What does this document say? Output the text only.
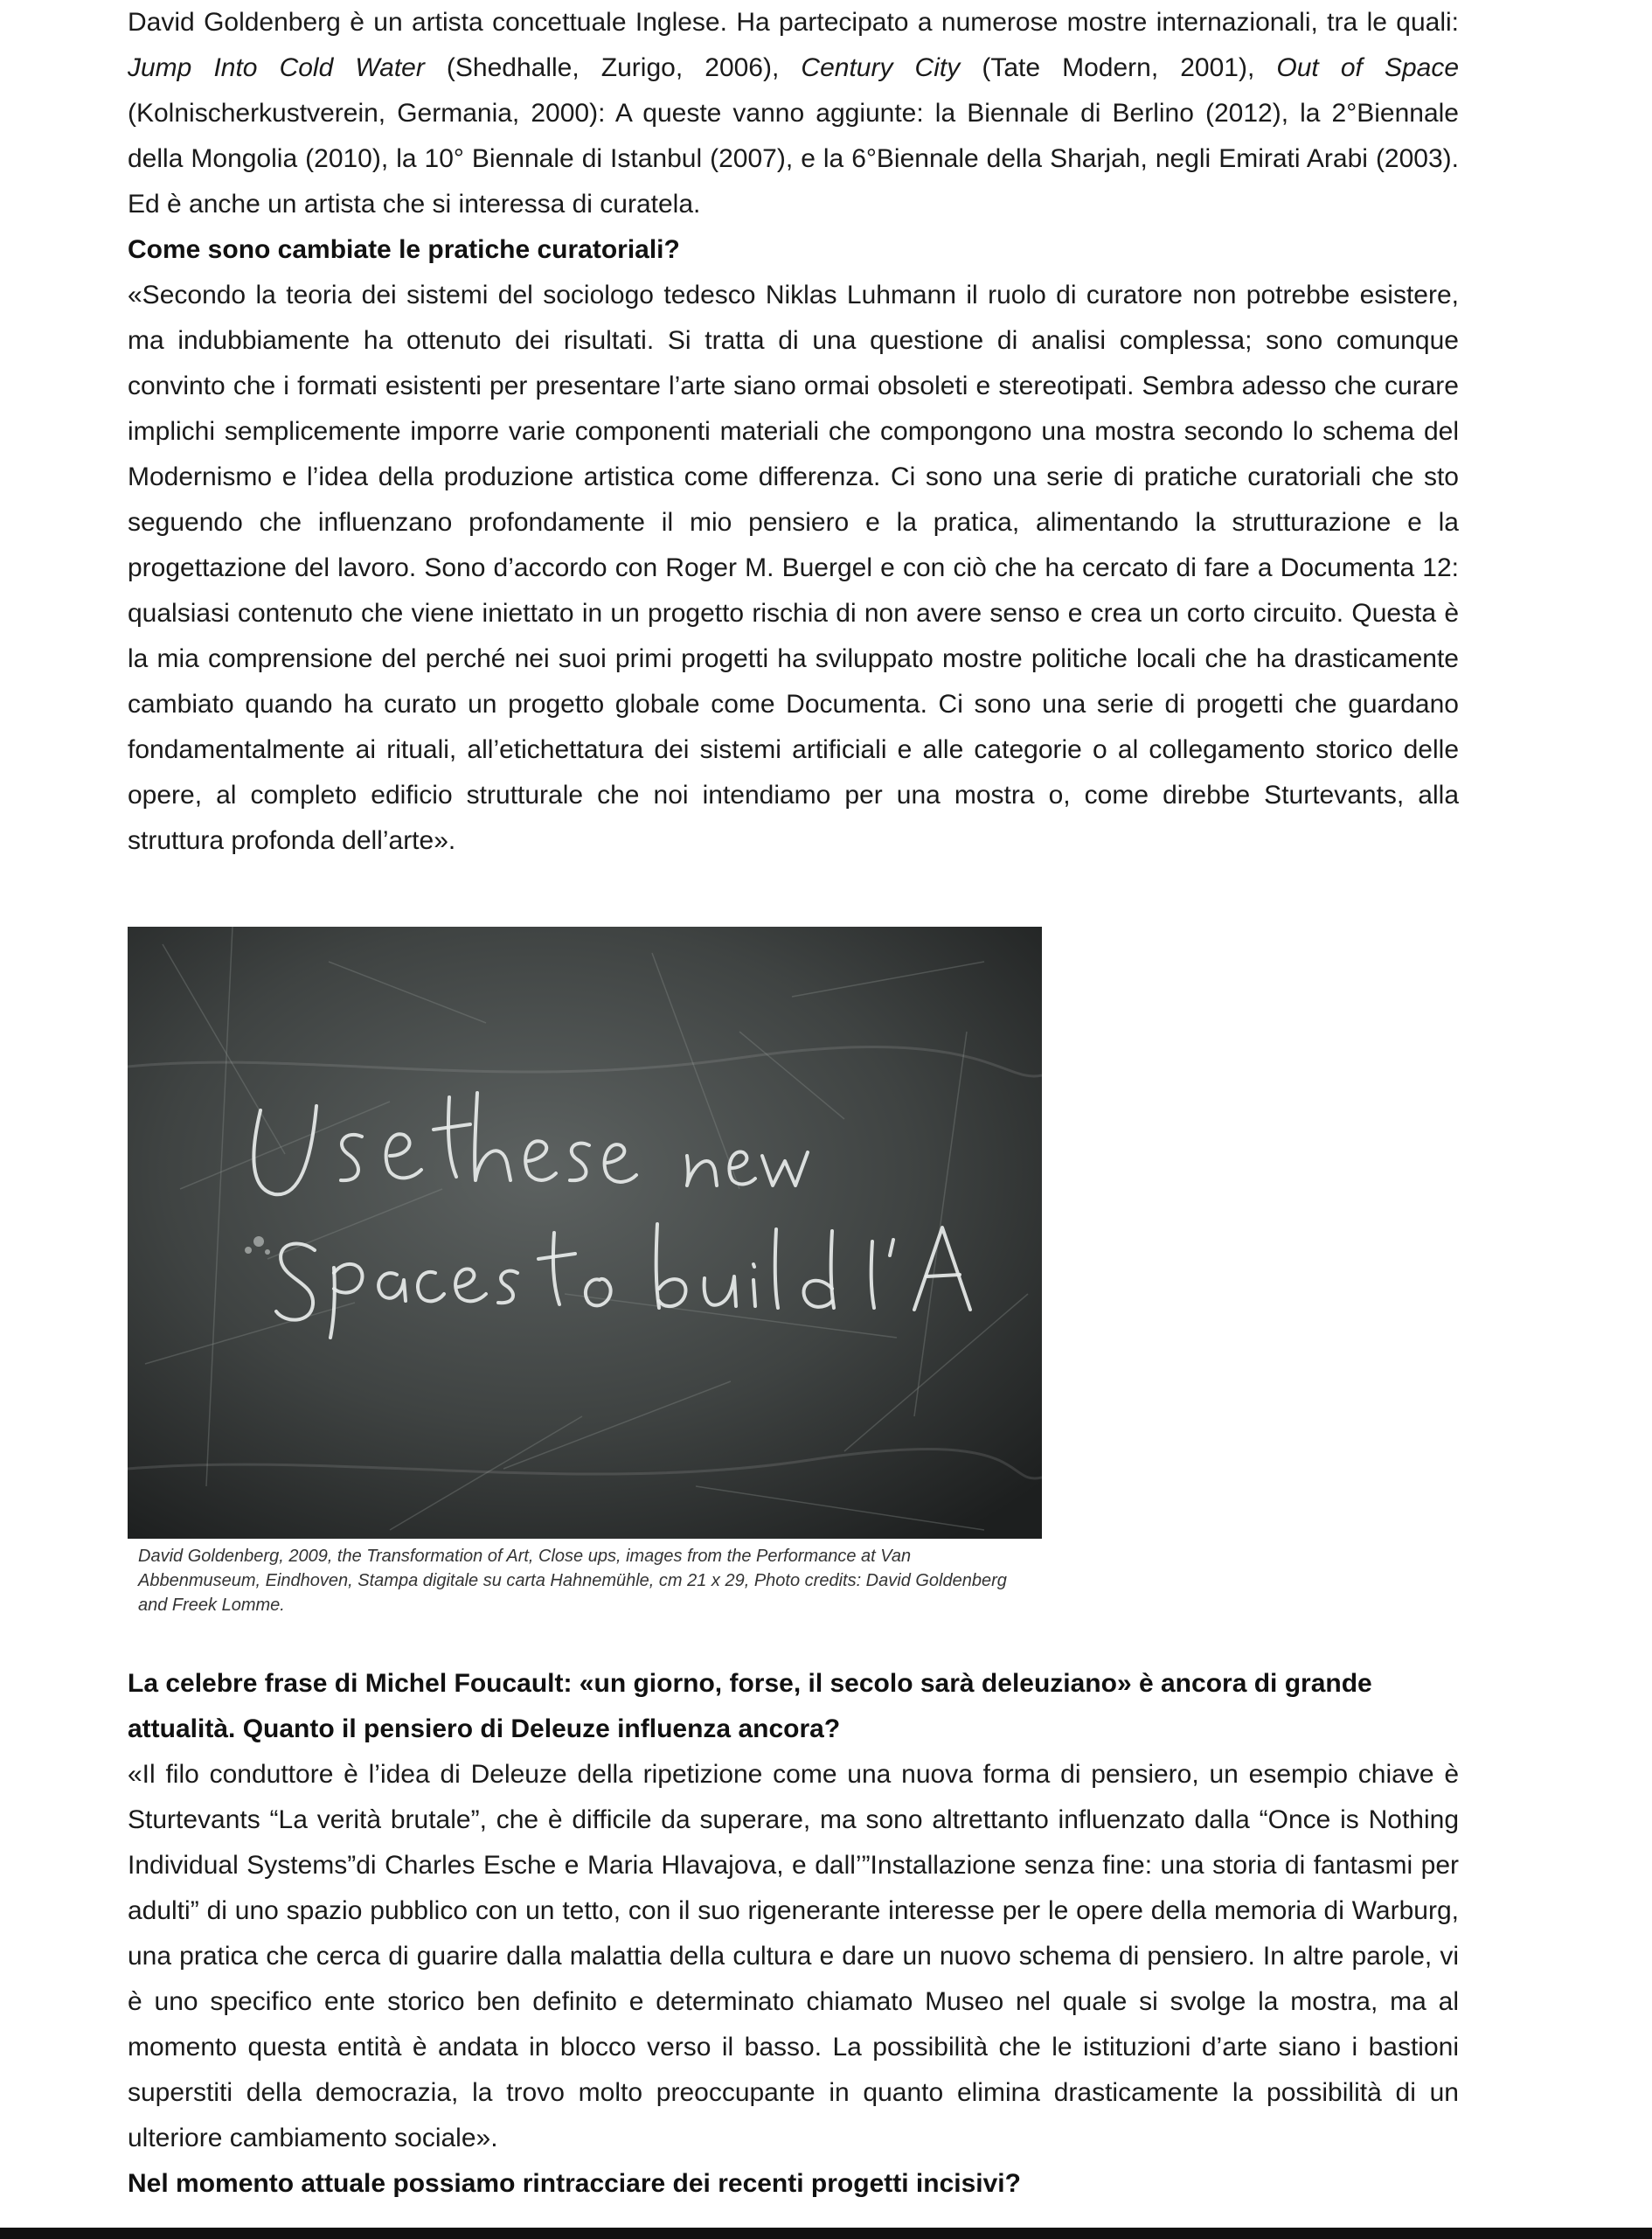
David Goldenberg è un artista concettuale Inglese. Ha partecipato a numerose mostre internazionali, tra le quali: Jump Into Cold Water (Shedhalle, Zurigo, 2006), Century City (Tate Modern, 2001), Out of Space (Kolnischerkustverein, Germania, 2000): A queste vanno aggiunte: la Biennale di Berlino (2012), la 2°Biennale della Mongolia (2010), la 10° Biennale di Istanbul (2007), e la 6°Biennale della Sharjah, negli Emirati Arabi (2003). Ed è anche un artista che si interessa di curatela.

Come sono cambiate le pratiche curatoriali?

«Secondo la teoria dei sistemi del sociologo tedesco Niklas Luhmann il ruolo di curatore non potrebbe esistere, ma indubbiamente ha ottenuto dei risultati. Si tratta di una questione di analisi complessa; sono comunque convinto che i formati esistenti per presentare l’arte siano ormai obsoleti e stereotipati. Sembra adesso che curare implichi semplicemente imporre varie componenti materiali che compongono una mostra secondo lo schema del Modernismo e l’idea della produzione artistica come differenza. Ci sono una serie di pratiche curatoriali che sto seguendo che influenzano profondamente il mio pensiero e la pratica, alimentando la strutturazione e la progettazione del lavoro. Sono d’accordo con Roger M. Buergel e con ciò che ha cercato di fare a Documenta 12: qualsiasi contenuto che viene iniettato in un progetto rischia di non avere senso e crea un corto circuito. Questa è la mia comprensione del perché nei suoi primi progetti ha sviluppato mostre politiche locali che ha drasticamente cambiato quando ha curato un progetto globale come Documenta. Ci sono una serie di progetti che guardano fondamentalmente ai rituali, all’etichettatura dei sistemi artificiali e alle categorie o al collegamento storico delle opere, al completo edificio strutturale che noi intendiamo per una mostra o, come direbbe Sturtevants, alla struttura profonda dell’arte».

David Goldenberg, 2009, the Transformation of Art, Close ups, images from the Performance at Van Abbenmuseum, Eindhoven, Stampa digitale su carta Hahnemühle, cm 21 x 29, Photo credits: David Goldenberg and Freek Lomme.

La celebre frase di Michel Foucault: «un giorno, forse, il secolo sarà deleuziano» è ancora di grande attualità. Quanto il pensiero di Deleuze influenza ancora?

«Il filo conduttore è l’idea di Deleuze della ripetizione come una nuova forma di pensiero, un esempio chiave è Sturtevants “La verità brutale”, che è difficile da superare, ma sono altrettanto influenzato dalla “Once is Nothing Individual Systems”di Charles Esche e Maria Hlavajova, e dall’”Installazione senza fine: una storia di fantasmi per adulti” di uno spazio pubblico con un tetto, con il suo rigenerante interesse per le opere della memoria di Warburg, una pratica che cerca di guarire dalla malattia della cultura e dare un nuovo schema di pensiero. In altre parole, vi è uno specifico ente storico ben definito e determinato chiamato Museo nel quale si svolge la mostra, ma al momento questa entità è andata in blocco verso il basso. La possibilità che le istituzioni d’arte siano i bastioni superstiti della democrazia, la trovo molto preoccupante in quanto elimina drasticamente la possibilità di un ulteriore cambiamento sociale».

Nel momento attuale possiamo rintracciare dei recenti progetti incisivi?
